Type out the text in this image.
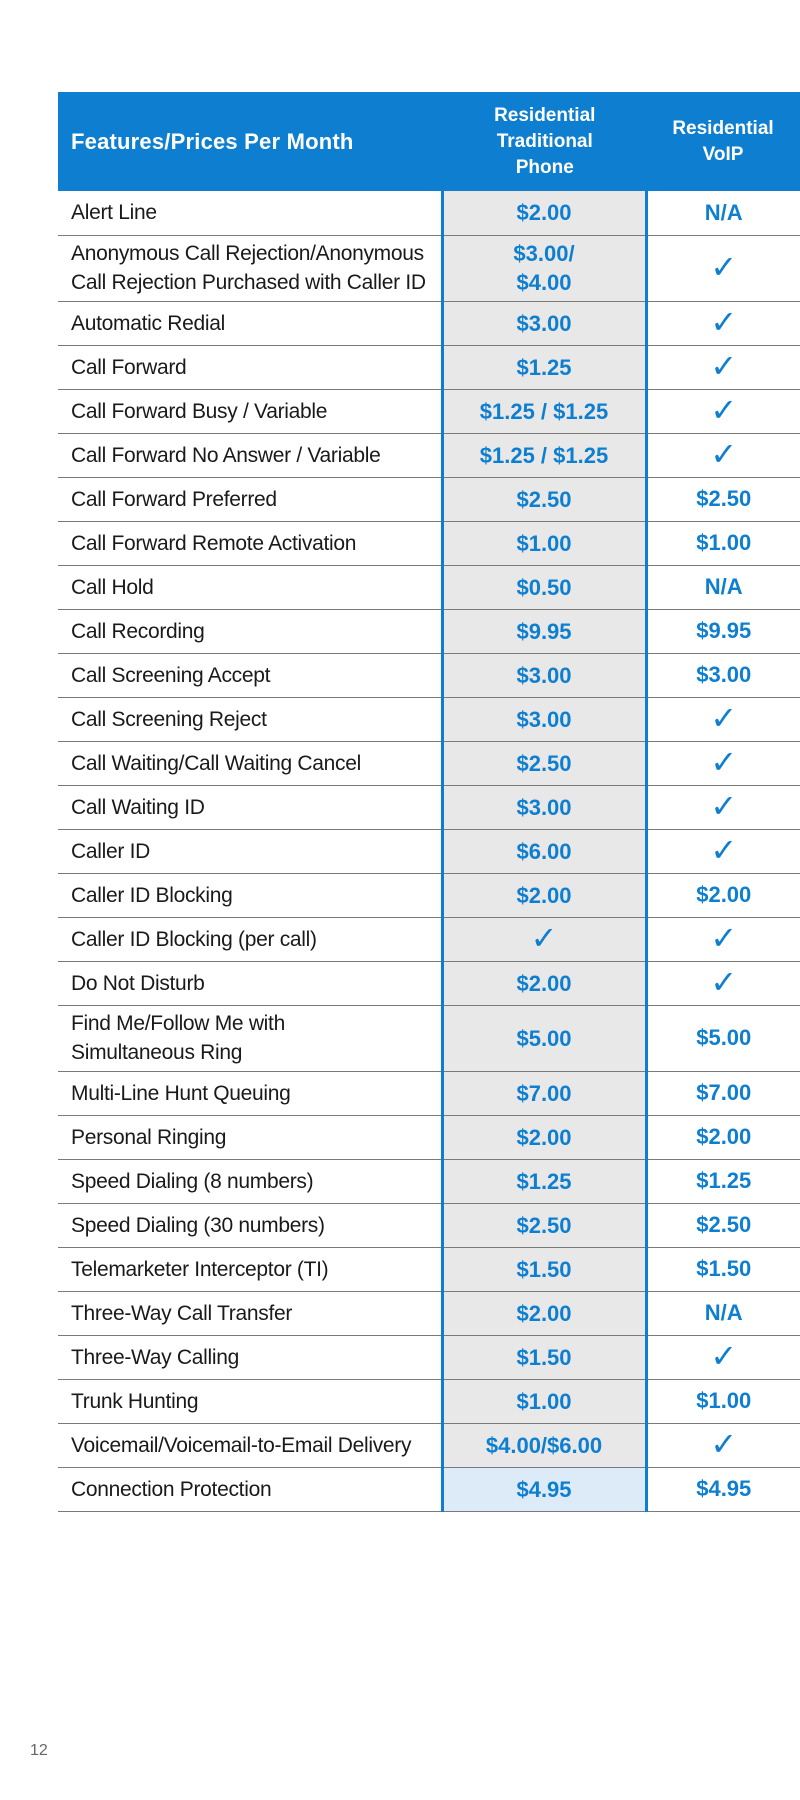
Features/Prices Per Month	Residential
Traditional
Phone	Residential
VoIP
Alert Line	$2.00	N/A
Anonymous Call Rejection/Anonymous
Call Rejection Purchased with Caller ID	$3.00/
$4.00	✓
Automatic Redial	$3.00	✓
Call Forward	$1.25	✓
Call Forward Busy / Variable	$1.25 / $1.25	✓
Call Forward No Answer / Variable	$1.25 / $1.25	✓
Call Forward Preferred	$2.50	$2.50
Call Forward Remote Activation	$1.00	$1.00
Call Hold	$0.50	N/A
Call Recording	$9.95	$9.95
Call Screening Accept	$3.00	$3.00
Call Screening Reject	$3.00	✓
Call Waiting/Call Waiting Cancel	$2.50	✓
Call Waiting ID	$3.00	✓
Caller ID	$6.00	✓
Caller ID Blocking	$2.00	$2.00
Caller ID Blocking (per call)	✓	✓
Do Not Disturb	$2.00	✓
Find Me/Follow Me with
Simultaneous Ring	$5.00	$5.00
Multi-Line Hunt Queuing	$7.00	$7.00
Personal Ringing	$2.00	$2.00
Speed Dialing (8 numbers)	$1.25	$1.25
Speed Dialing (30 numbers)	$2.50	$2.50
Telemarketer Interceptor (TI)	$1.50	$1.50
Three-Way Call Transfer	$2.00	N/A
Three-Way Calling	$1.50	✓
Trunk Hunting	$1.00	$1.00
Voicemail/Voicemail-to-Email Delivery	$4.00/$6.00	✓
Connection Protection	$4.95	$4.95
12
